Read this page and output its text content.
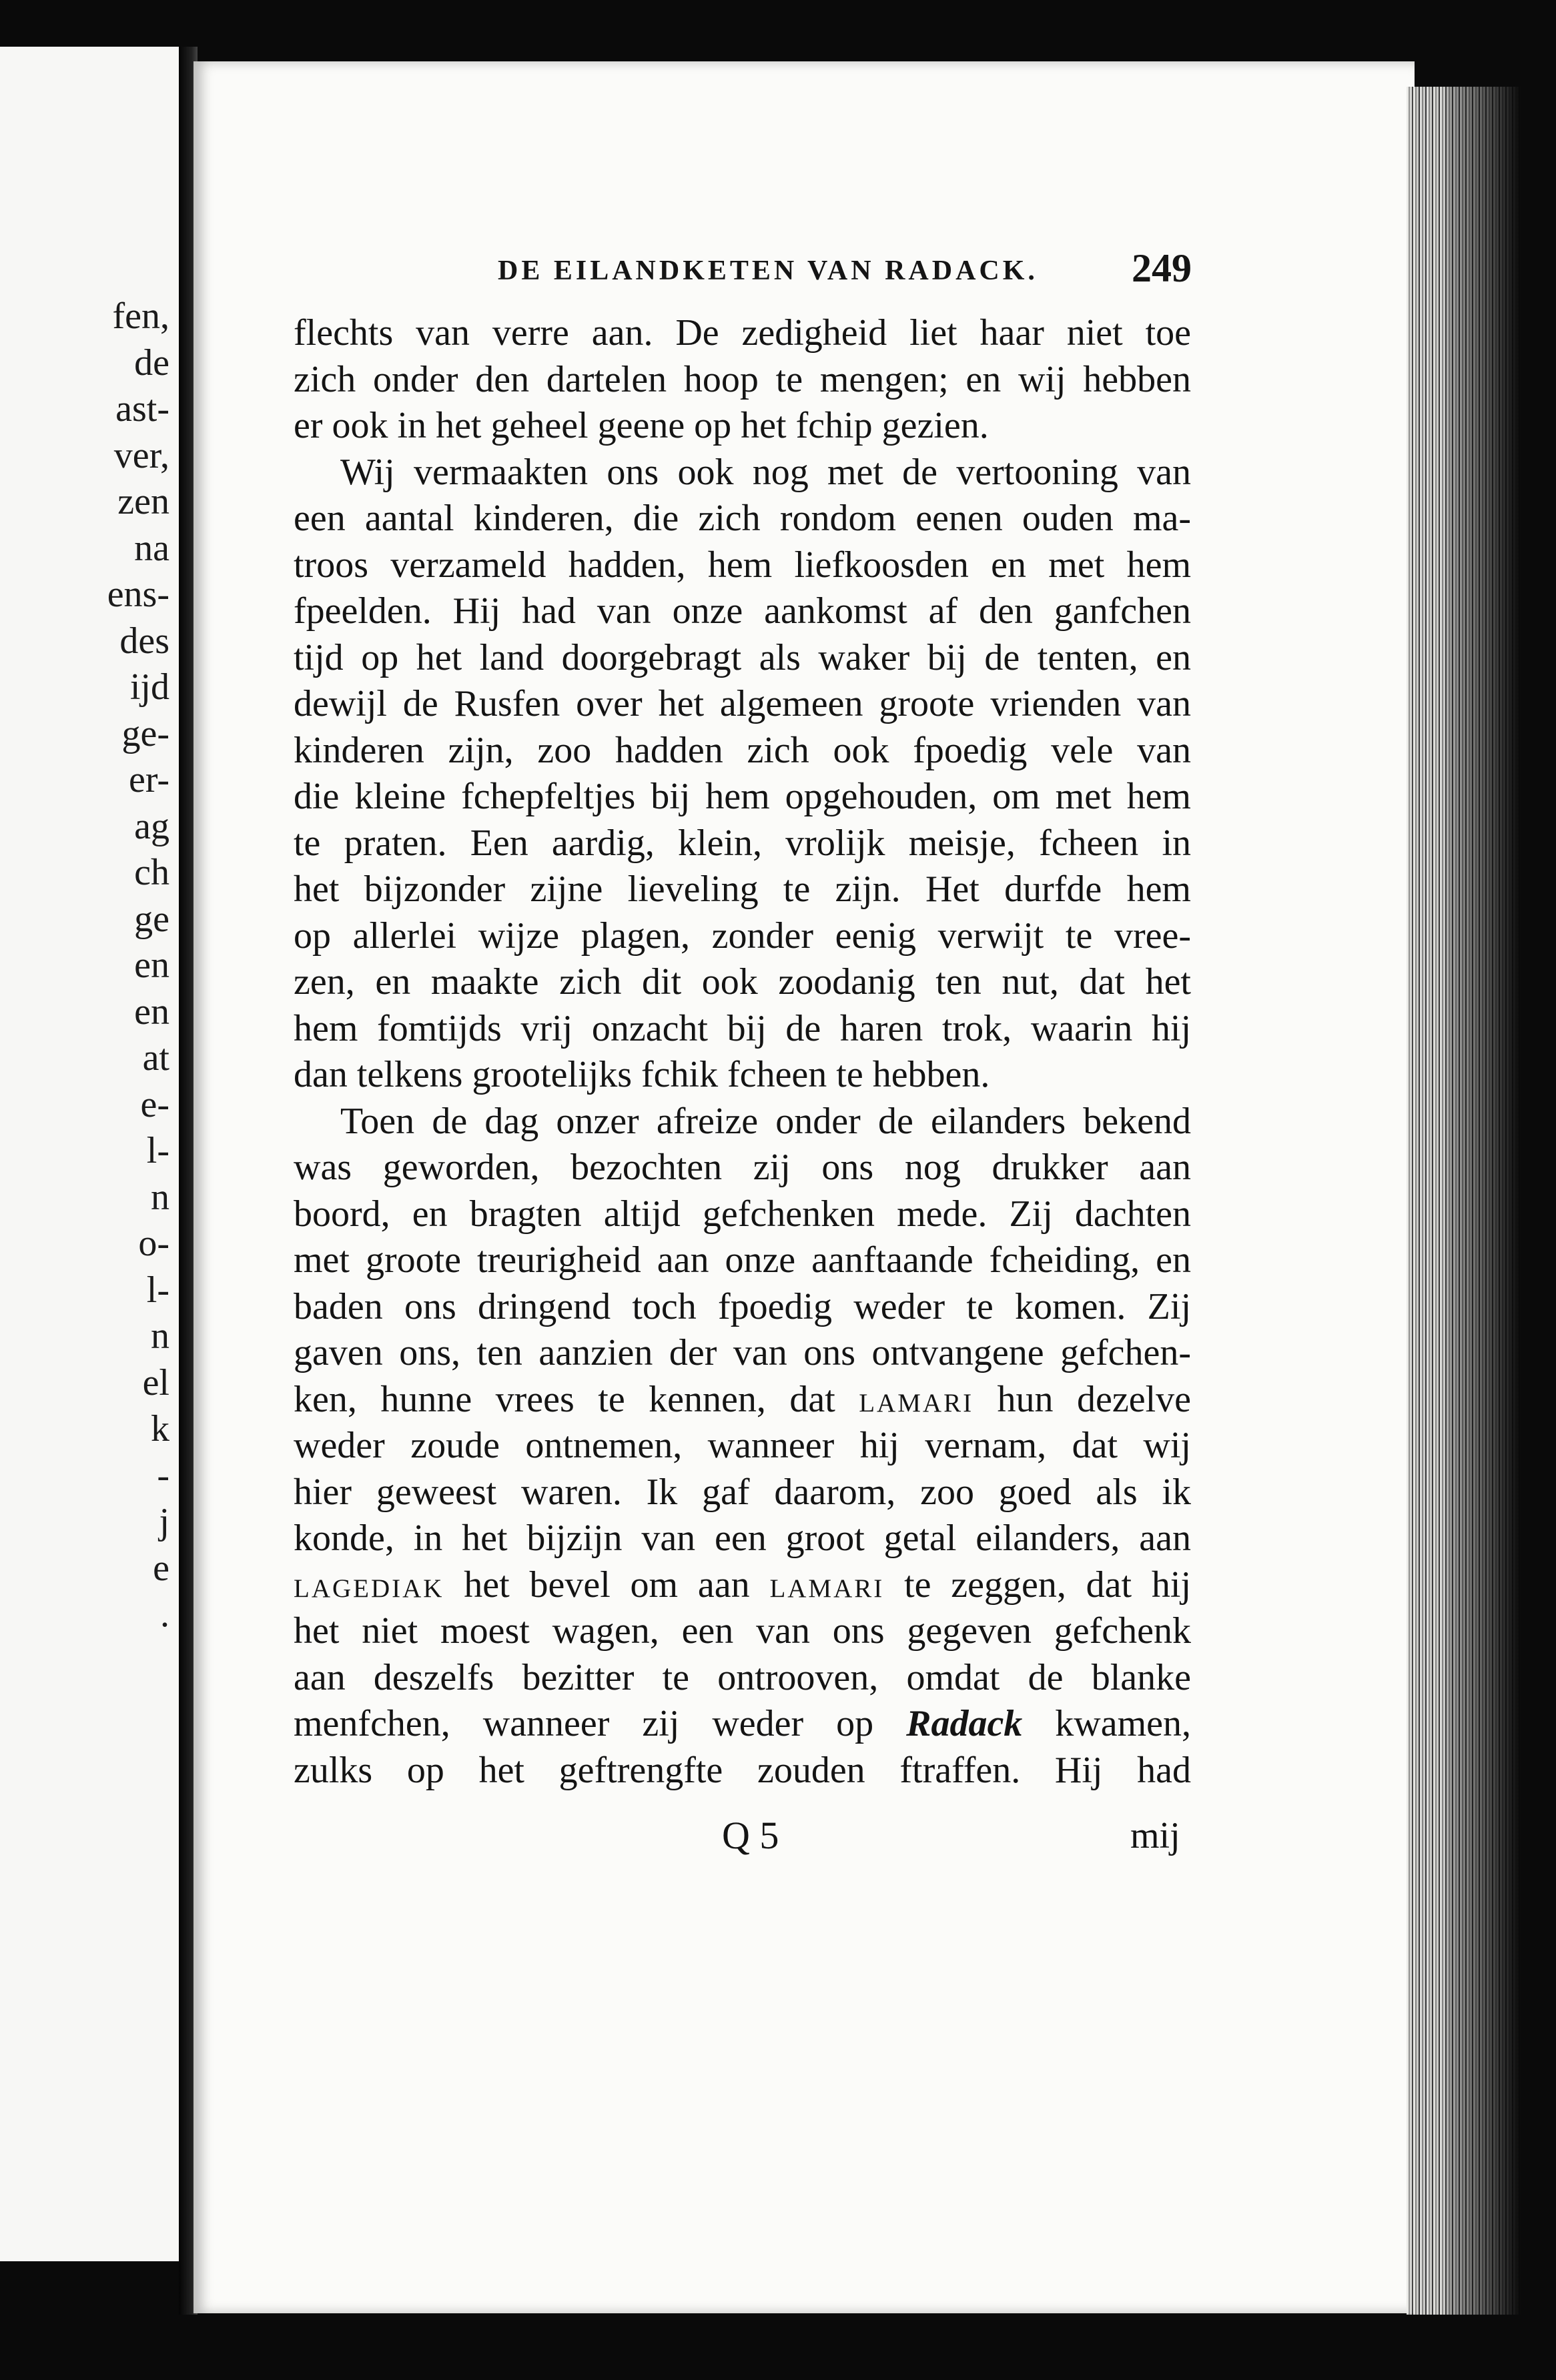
fen,
de
ast-
ver,
zen
na
ens-
des
ijd
ge-
er-
ag
ch
ge
en
en
at
e-
l-
n
o-
l-
n
el
k
-
j
e
.
DE EILANDKETEN VAN RADACK. 249
flechts van verre aan. De zedigheid liet haar niet toe
zich onder den dartelen hoop te mengen; en wij hebben
er ook in het geheel geene op het fchip gezien.
Wij vermaakten ons ook nog met de vertooning van
een aantal kinderen, die zich rondom eenen ouden ma-
troos verzameld hadden, hem liefkoosden en met hem
fpeelden. Hij had van onze aankomst af den ganfchen
tijd op het land doorgebragt als waker bij de tenten, en
dewijl de Rusfen over het algemeen groote vrienden van
kinderen zijn, zoo hadden zich ook fpoedig vele van
die kleine fchepfeltjes bij hem opgehouden, om met hem
te praten. Een aardig, klein, vrolijk meisje, fcheen in
het bijzonder zijne lieveling te zijn. Het durfde hem
op allerlei wijze plagen, zonder eenig verwijt te vree-
zen, en maakte zich dit ook zoodanig ten nut, dat het
hem fomtijds vrij onzacht bij de haren trok, waarin hij
dan telkens grootelijks fchik fcheen te hebben.
Toen de dag onzer afreize onder de eilanders bekend
was geworden, bezochten zij ons nog drukker aan
boord, en bragten altijd gefchenken mede. Zij dachten
met groote treurigheid aan onze aanftaande fcheiding, en
baden ons dringend toch fpoedig weder te komen. Zij
gaven ons, ten aanzien der van ons ontvangene gefchen-
ken, hunne vrees te kennen, dat lamari hun dezelve
weder zoude ontnemen, wanneer hij vernam, dat wij
hier geweest waren. Ik gaf daarom, zoo goed als ik
konde, in het bijzijn van een groot getal eilanders, aan
lagediak het bevel om aan lamari te zeggen, dat hij
het niet moest wagen, een van ons gegeven gefchenk
aan deszelfs bezitter te ontrooven, omdat de blanke
menfchen, wanneer zij weder op Radack kwamen,
zulks op het geftrengfte zouden ftraffen. Hij had
Q 5	mij
